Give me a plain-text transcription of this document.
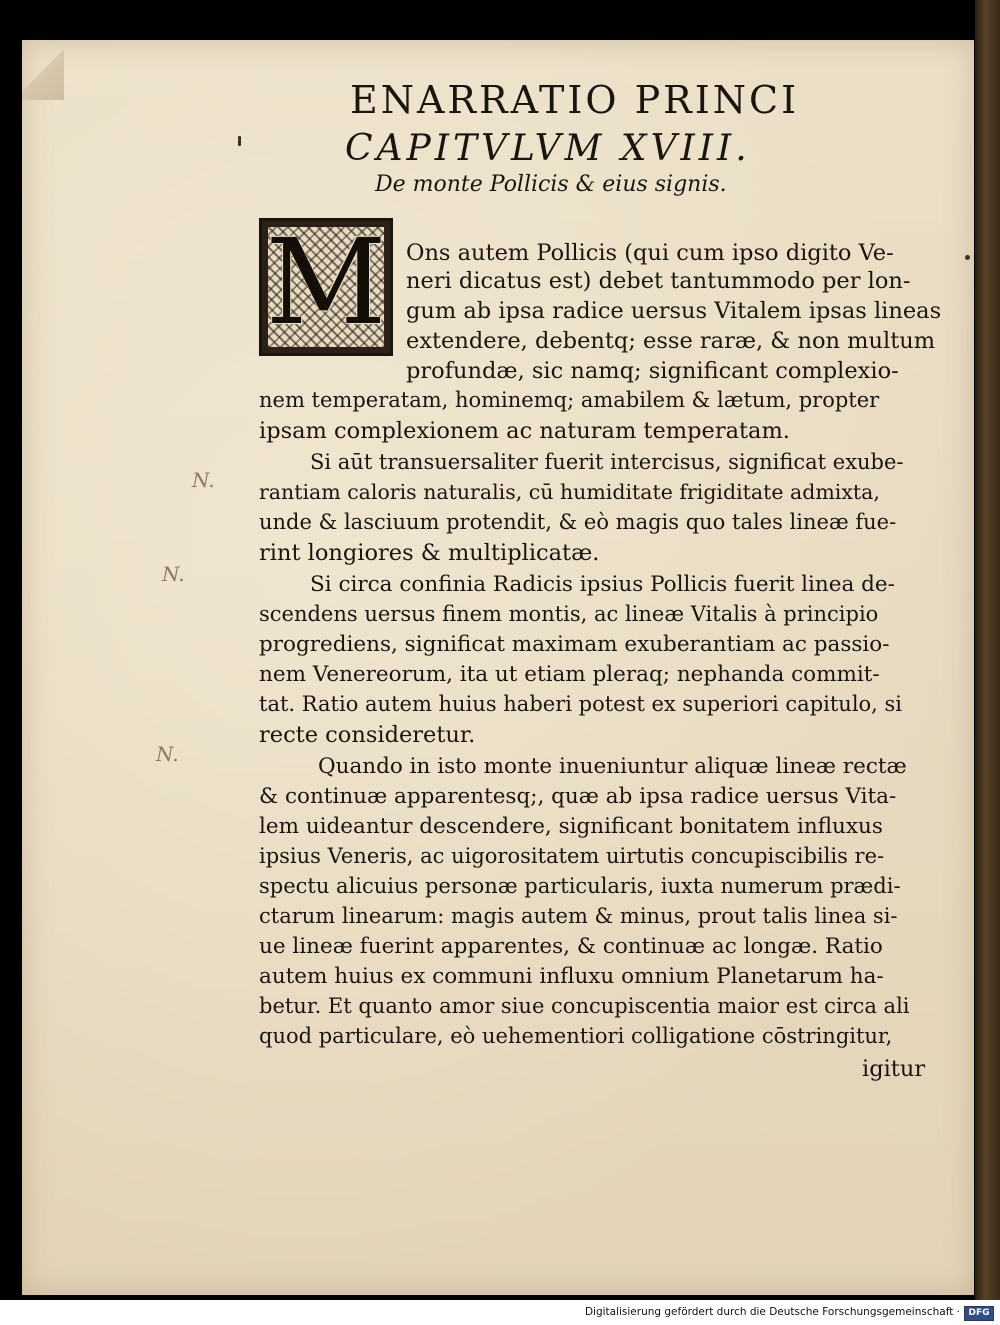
ENARRATIO PRINCI
CAPITVLVM XVIII.
De monte Pollicis & eius signis.
M Ons autem Pollicis (qui cum ipso digito Ve-
neri dicatus est) debet tantummodo per lon-
gum ab ipsa radice uersus Vitalem ipsas lineas
extendere, debentq; esse raræ, & non multum
profundæ, sic namq; significant complexio-
nem temperatam, hominemq; amabilem & lætum, propter
ipsam complexionem ac naturam temperatam.
Si aūt transuersaliter fuerit intercisus, significat exube-
rantiam caloris naturalis, cū humiditate frigiditate admixta,
unde & lasciuum protendit, & eò magis quo tales lineæ fue-
rint longiores & multiplicatæ.
Si circa confinia Radicis ipsius Pollicis fuerit linea de-
scendens uersus finem montis, ac lineæ Vitalis à principio
progrediens, significat maximam exuberantiam ac passio-
nem Venereorum, ita ut etiam pleraq; nephanda commit-
tat. Ratio autem huius haberi potest ex superiori capitulo, si
recte consideretur.
Quando in isto monte inueniuntur aliquæ lineæ rectæ
& continuæ apparentesq;, quæ ab ipsa radice uersus Vita-
lem uideantur descendere, significant bonitatem influxus
ipsius Veneris, ac uigorositatem uirtutis concupiscibilis re-
spectu alicuius personæ particularis, iuxta numerum prædi-
ctarum linearum: magis autem & minus, prout talis linea si-
ue lineæ fuerint apparentes, & continuæ ac longæ. Ratio
autem huius ex communi influxu omnium Planetarum ha-
betur. Et quanto amor siue concupiscentia maior est circa ali
quod particulare, eò uehementiori colligatione cōstringitur,
igitur
N.
N.
N.
Digitalisierung gefördert durch die Deutsche Forschungsgemeinschaft · DFG
